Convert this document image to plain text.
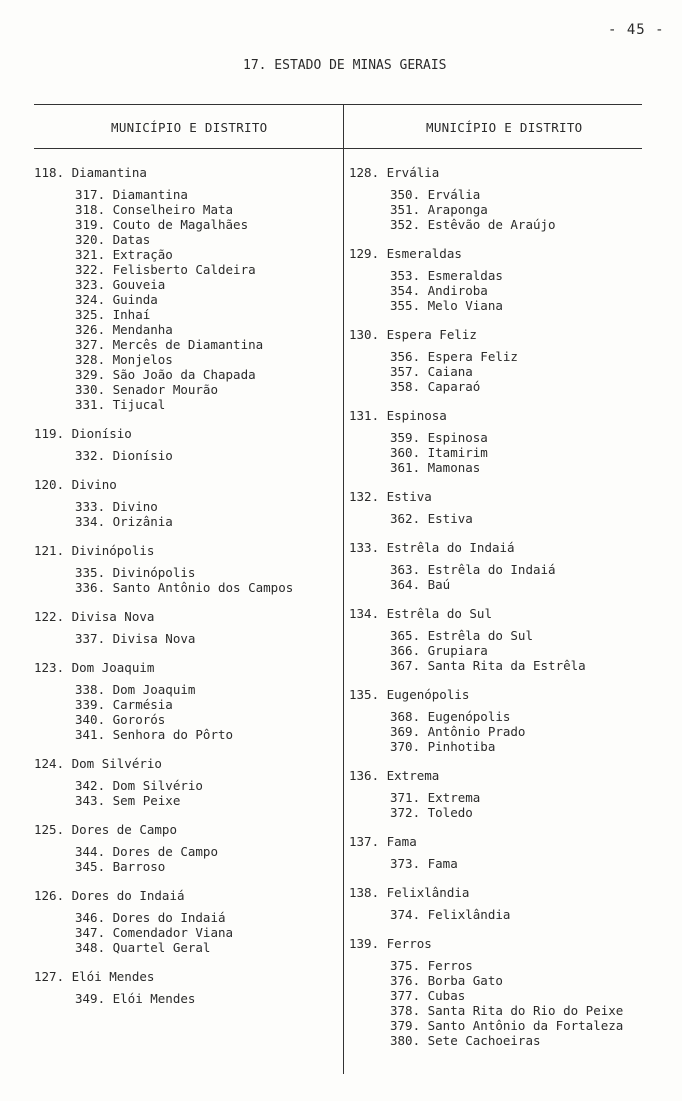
- 45 -
17. ESTADO DE MINAS GERAIS
MUNICÍPIO E DISTRITO	MUNICÍPIO E DISTRITO
118. Diamantina
317. Diamantina
318. Conselheiro Mata
319. Couto de Magalhães
320. Datas
321. Extração
322. Felisberto Caldeira
323. Gouveia
324. Guinda
325. Inhaí
326. Mendanha
327. Mercês de Diamantina
328. Monjelos
329. São João da Chapada
330. Senador Mourão
331. Tijucal
119. Dionísio
332. Dionísio
120. Divino
333. Divino
334. Orizânia
121. Divinópolis
335. Divinópolis
336. Santo Antônio dos Campos
122. Divisa Nova
337. Divisa Nova
123. Dom Joaquim
338. Dom Joaquim
339. Carmésia
340. Gororós
341. Senhora do Pôrto
124. Dom Silvério
342. Dom Silvério
343. Sem Peixe
125. Dores de Campo
344. Dores de Campo
345. Barroso
126. Dores do Indaiá
346. Dores do Indaiá
347. Comendador Viana
348. Quartel Geral
127. Elói Mendes
349. Elói Mendes
128. Ervália
350. Ervália
351. Araponga
352. Estêvão de Araújo
129. Esmeraldas
353. Esmeraldas
354. Andiroba
355. Melo Viana
130. Espera Feliz
356. Espera Feliz
357. Caiana
358. Caparaó
131. Espinosa
359. Espinosa
360. Itamirim
361. Mamonas
132. Estiva
362. Estiva
133. Estrêla do Indaiá
363. Estrêla do Indaiá
364. Baú
134. Estrêla do Sul
365. Estrêla do Sul
366. Grupiara
367. Santa Rita da Estrêla
135. Eugenópolis
368. Eugenópolis
369. Antônio Prado
370. Pinhotiba
136. Extrema
371. Extrema
372. Toledo
137. Fama
373. Fama
138. Felixlândia
374. Felixlândia
139. Ferros
375. Ferros
376. Borba Gato
377. Cubas
378. Santa Rita do Rio do Peixe
379. Santo Antônio da Fortaleza
380. Sete Cachoeiras
